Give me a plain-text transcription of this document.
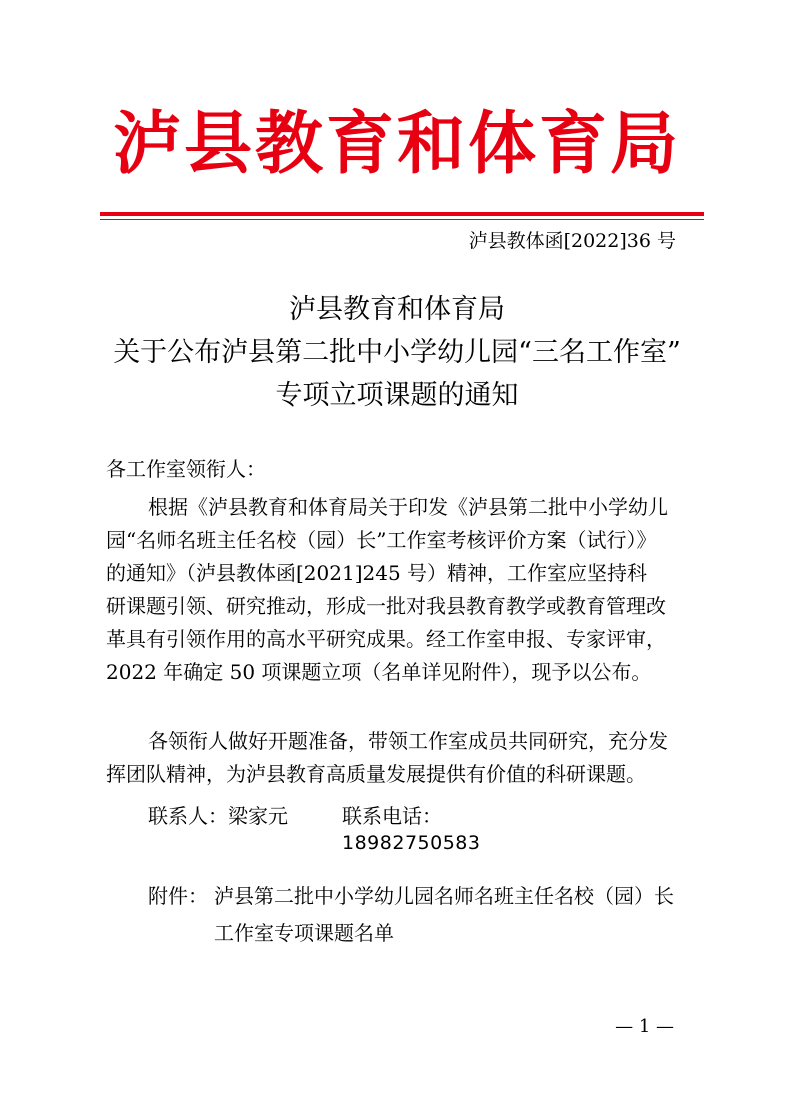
泸县教育和体育局
泸县教体函[2022]36 号
泸县教育和体育局
关于公布泸县第二批中小学幼儿园“三名工作室”
专项立项课题的通知
各工作室领衔人：
根据《泸县教育和体育局关于印发《泸县第二批中小学幼儿
园“名师名班主任名校（园）长”工作室考核评价方案（试行）》
的通知》（泸县教体函[2021]245 号）精神，工作室应坚持科
研课题引领、研究推动，形成一批对我县教育教学或教育管理改
革具有引领作用的高水平研究成果。经工作室申报、专家评审，
2022 年确定 50 项课题立项（名单详见附件），现予以公布。
各领衔人做好开题准备，带领工作室成员共同研究，充分发
挥团队精神，为泸县教育高质量发展提供有价值的科研课题。
联系人：梁家元	联系电话：
18982750583
附件： 泸县第二批中小学幼儿园名师名班主任名校（园）长
工作室专项课题名单
— 1 —
